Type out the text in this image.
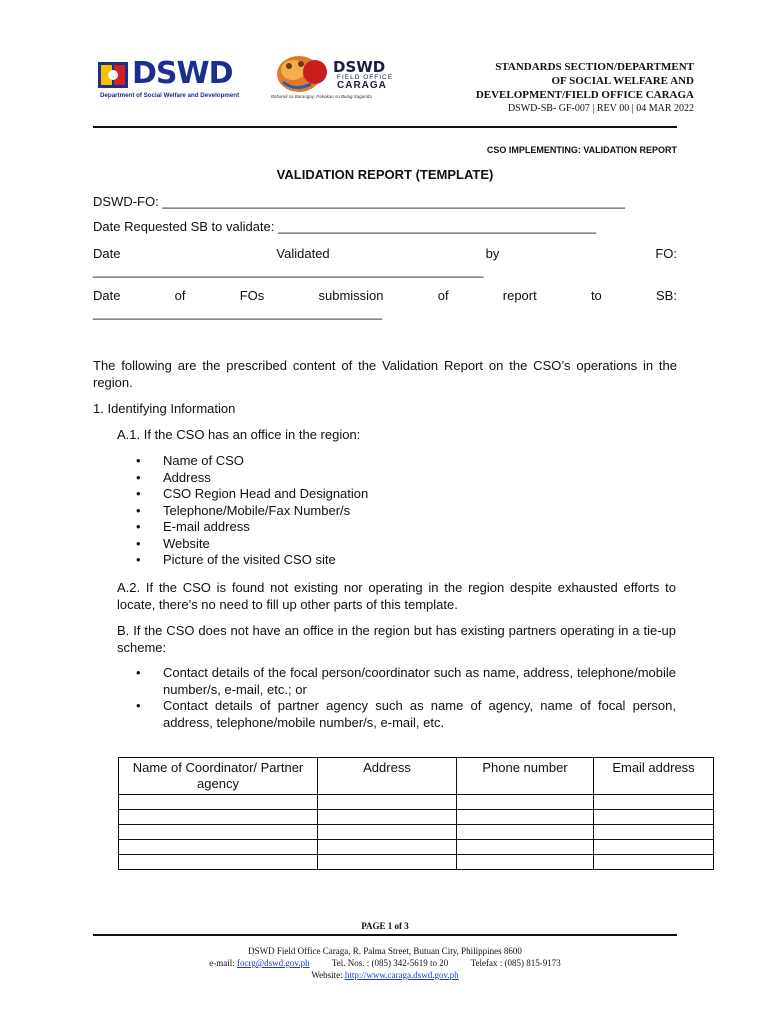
DSWD
Department of Social Welfare and Development
DSWD
FIELD OFFICE
CARAGA
Bahandi sa Barangay, Pakokao sa Bulag Sagunda
STANDARDS SECTION/DEPARTMENT
OF SOCIAL WELFARE AND
DEVELOPMENT/FIELD OFFICE CARAGA
DSWD-SB- GF-007 | REV 00 | 04 MAR 2022
CSO IMPLEMENTING: VALIDATION REPORT
VALIDATION REPORT (TEMPLATE)
DSWD-FO: ________________________________________________________________
Date Requested SB to validate: ____________________________________________
Date	Validated	by	FO:
______________________________________________________
Date	of	FOs	submission	of	report	to	SB:
________________________________________

The following are the prescribed content of the Validation Report on the CSO’s operations in the region.

1. Identifying Information
A.1. If the CSO has an office in the region:
• Name of CSO
• Address
• CSO Region Head and Designation
• Telephone/Mobile/Fax Number/s
• E-mail address
• Website
• Picture of the visited CSO site

A.2. If the CSO is found not existing nor operating in the region despite exhausted efforts to locate, there’s no need to fill up other parts of this template.

B. If the CSO does not have an office in the region but has existing partners operating in a tie-up scheme:

• Contact details of the focal person/coordinator such as name, address, telephone/mobile number/s, e-mail, etc.; or
• Contact details of partner agency such as name of agency, name of focal person, address, telephone/mobile number/s, e-mail, etc.
Name of Coordinator/ Partner agency	Address	Phone number	Email address

PAGE 1 of 3
DSWD Field Office Caraga, R. Palma Street, Butuan City, Philippines 8600
e-mail: focrg@dswd.gov.ph Tel. Nos. : (085) 342-5619 to 20 Telefax : (085) 815-9173
Website: http://www.caraga.dswd.gov.ph
